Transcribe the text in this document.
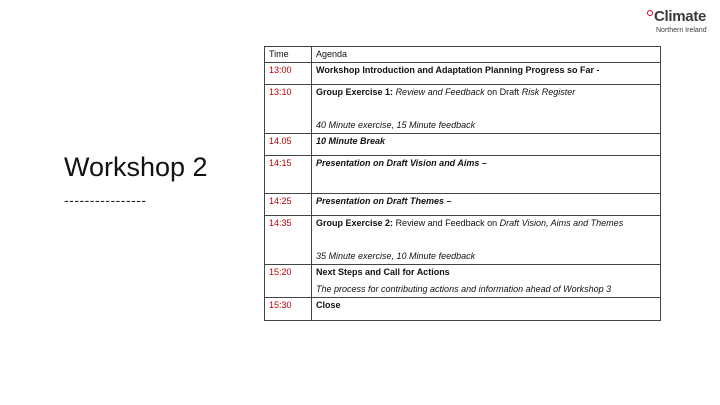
Climate
Northern Ireland
Workshop 2
----------------
Time	Agenda
13:00	Workshop Introduction and Adaptation Planning Progress so Far -

13:10	Group Exercise 1: Review and Feedback on Draft Risk Register
40 Minute exercise, 15 Minute feedback
14.05	10 Minute Break

14:15	Presentation on Draft Vision and Aims –

14:25	Presentation on Draft Themes –

14:35	Group Exercise 2: Review and Feedback on Draft Vision, Aims and Themes
35 Minute exercise, 10 Minute feedback
15:20	Next Steps and Call for Actions
The process for contributing actions and information ahead of Workshop 3
15:30	Close
